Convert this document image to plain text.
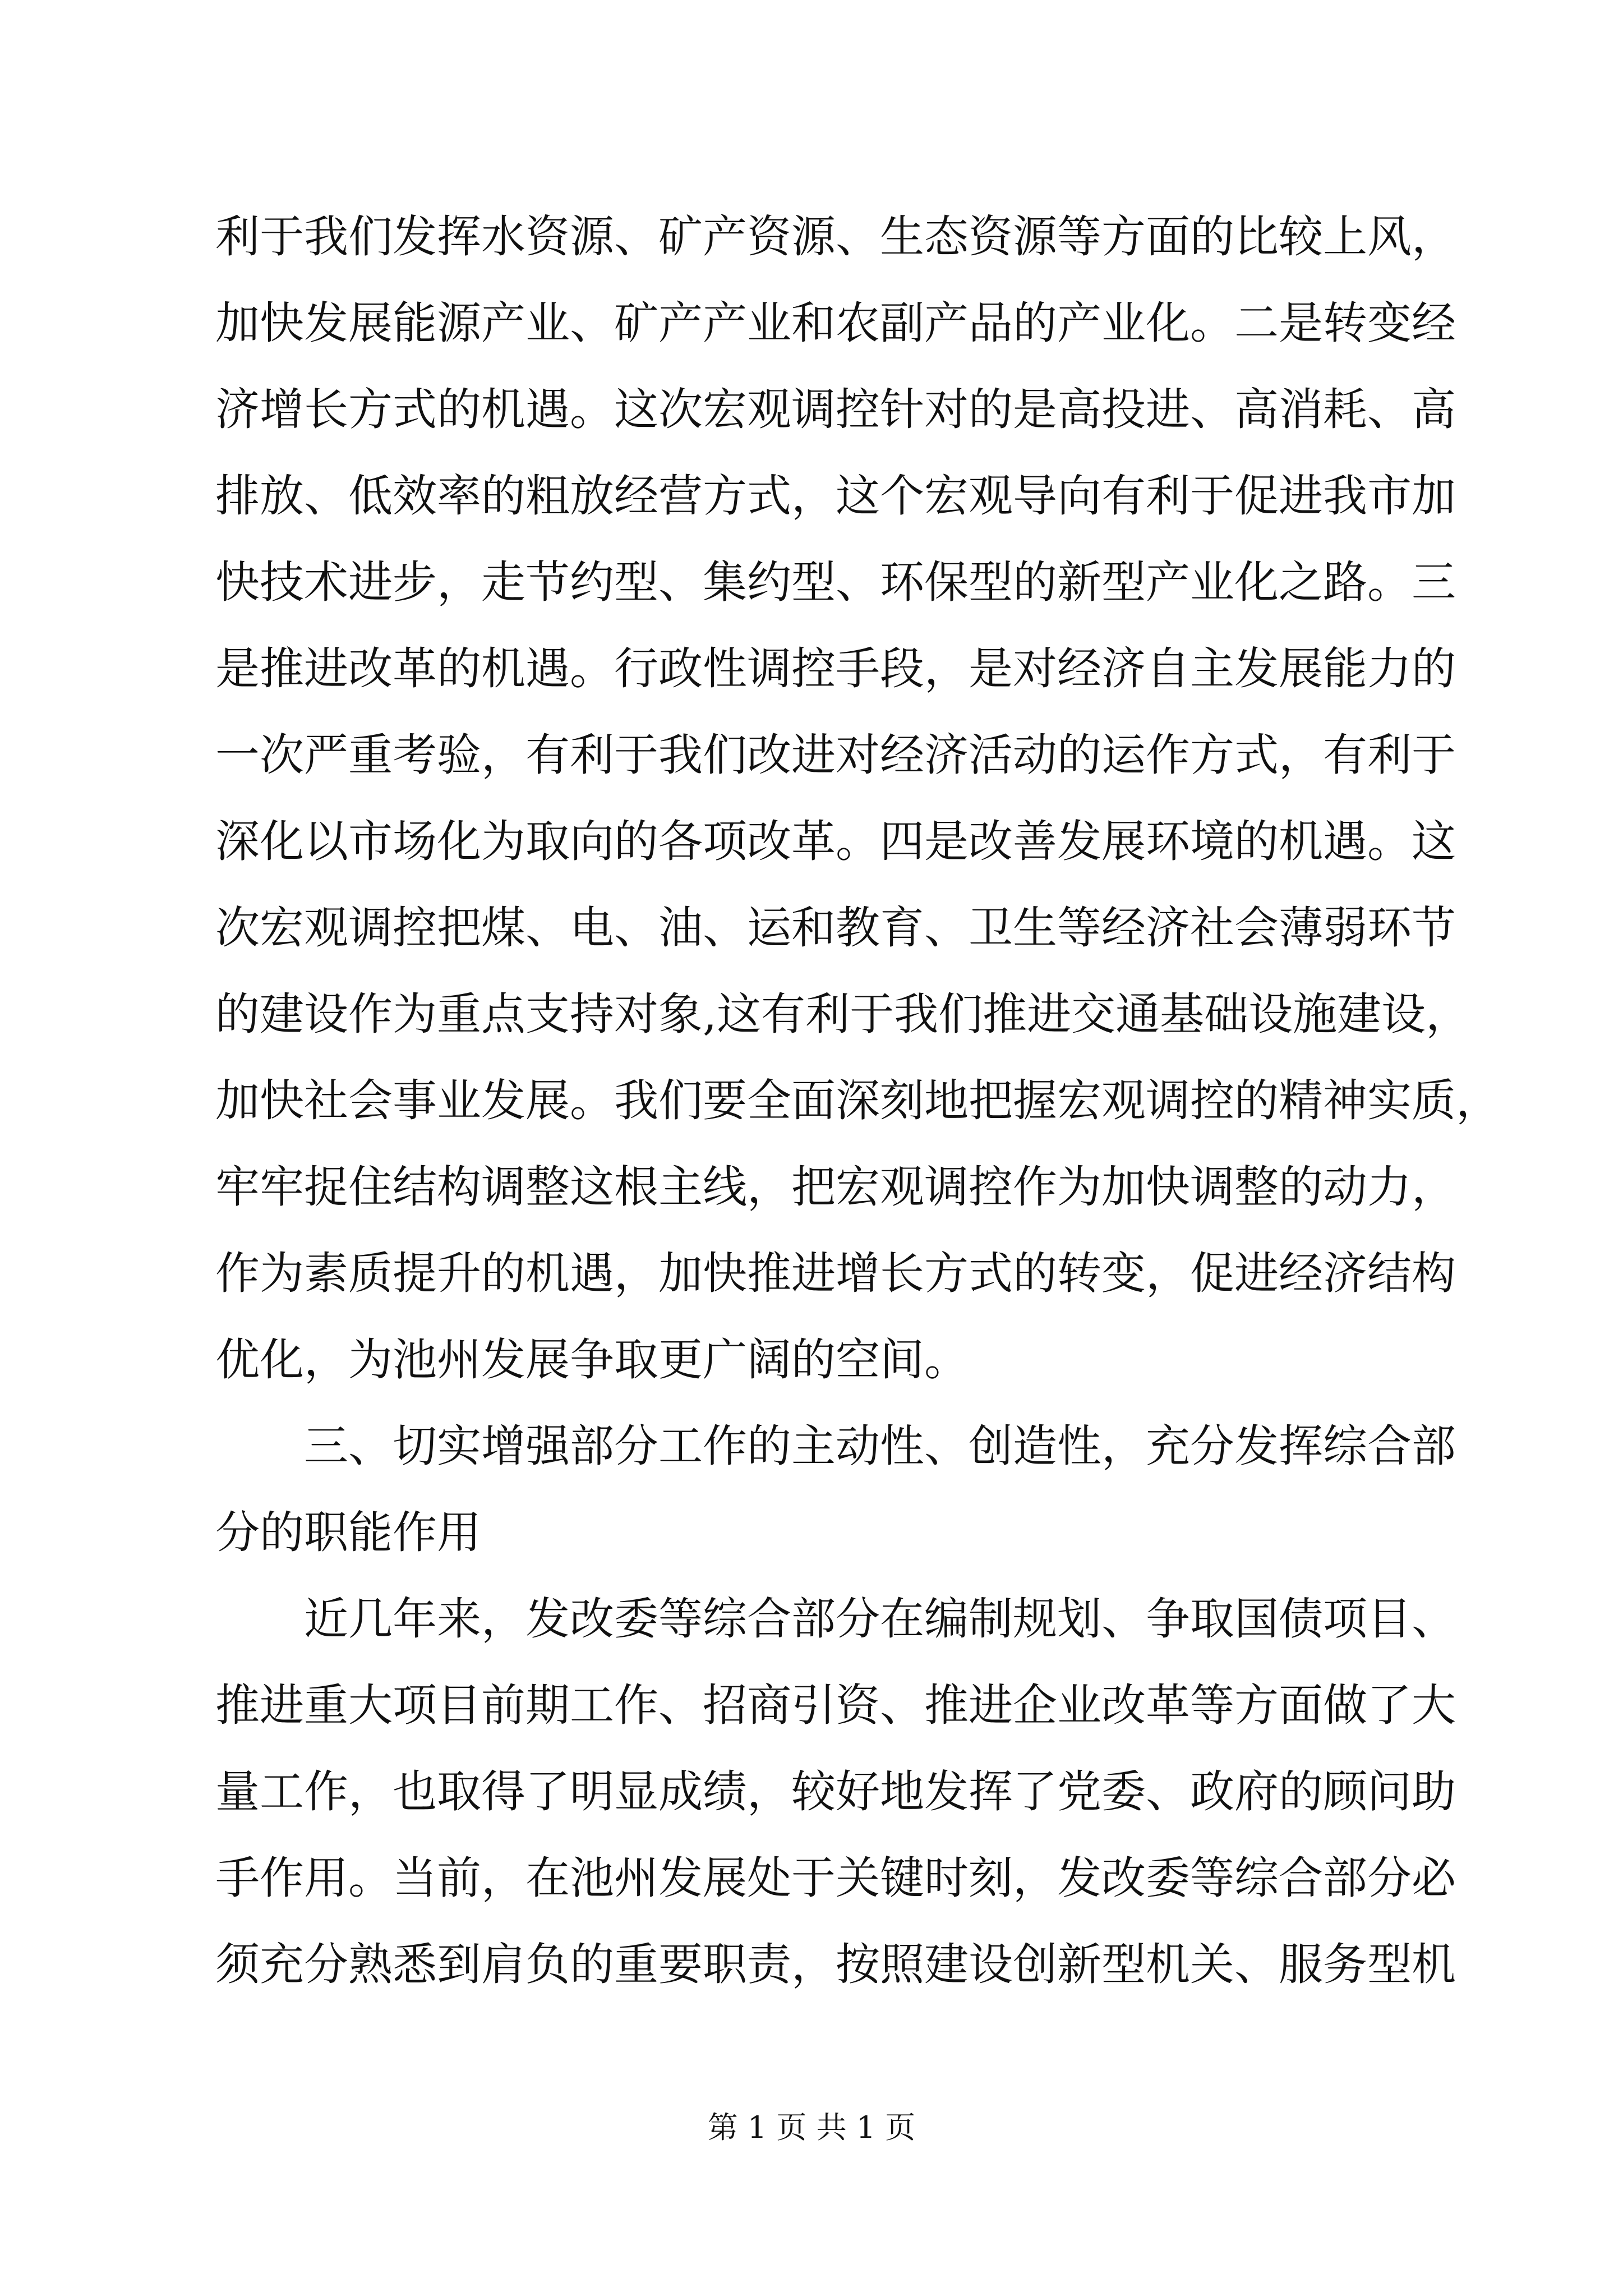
利于我们发挥水资源、矿产资源、生态资源等方面的比较上风，
加快发展能源产业、矿产产业和农副产品的产业化。二是转变经
济增长方式的机遇。这次宏观调控针对的是高投进、高消耗、高
排放、低效率的粗放经营方式，这个宏观导向有利于促进我市加
快技术进步，走节约型、集约型、环保型的新型产业化之路。三
是推进改革的机遇。行政性调控手段，是对经济自主发展能力的
一次严重考验，有利于我们改进对经济活动的运作方式，有利于
深化以市场化为取向的各项改革。四是改善发展环境的机遇。这
次宏观调控把煤、电、油、运和教育、卫生等经济社会薄弱环节
的建设作为重点支持对象,这有利于我们推进交通基础设施建设，
加快社会事业发展。我们要全面深刻地把握宏观调控的精神实质，
牢牢捉住结构调整这根主线，把宏观调控作为加快调整的动力，
作为素质提升的机遇，加快推进增长方式的转变，促进经济结构
优化，为池州发展争取更广阔的空间。
三、切实增强部分工作的主动性、创造性，充分发挥综合部
分的职能作用
近几年来，发改委等综合部分在编制规划、争取国债项目、
推进重大项目前期工作、招商引资、推进企业改革等方面做了大
量工作，也取得了明显成绩，较好地发挥了党委、政府的顾问助
手作用。当前，在池州发展处于关键时刻，发改委等综合部分必
须充分熟悉到肩负的重要职责，按照建设创新型机关、服务型机
第 1 页 共 1 页
